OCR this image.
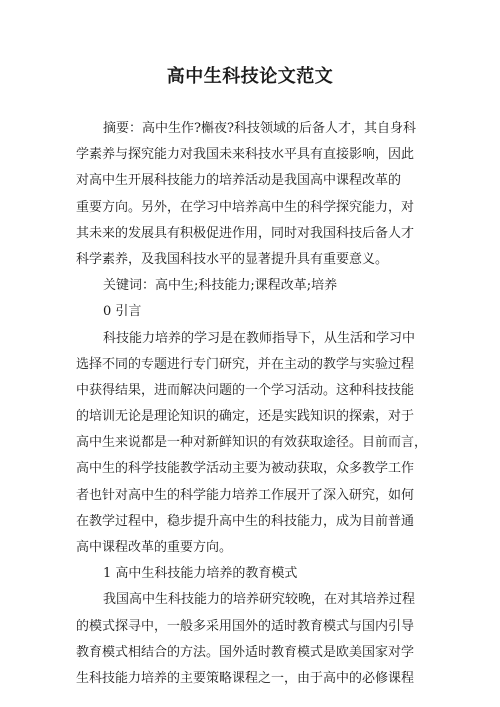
高中生科技论文范文
摘要：高中生作?槲夜?科技领域的后备人才，其自身科
学素养与探究能力对我国未来科技水平具有直接影响，因此
对高中生开展科技能力的培养活动是我国高中课程改革的
重要方向。另外，在学习中培养高中生的科学探究能力，对
其未来的发展具有积极促进作用，同时对我国科技后备人才
科学素养，及我国科技水平的显著提升具有重要意义。
关键词：高中生;科技能力;课程改革;培养
0 引言
科技能力培养的学习是在教师指导下，从生活和学习中
选择不同的专题进行专门研究，并在主动的教学与实验过程
中获得结果，进而解决问题的一个学习活动。这种科技技能
的培训无论是理论知识的确定，还是实践知识的探索，对于
高中生来说都是一种对新鲜知识的有效获取途径。目前而言，
高中生的科学技能教学活动主要为被动获取，众多教学工作
者也针对高中生的科学能力培养工作展开了深入研究，如何
在教学过程中，稳步提升高中生的科技能力，成为目前普通
高中课程改革的重要方向。
1 高中生科技能力培养的教育模式
我国高中生科技能力的培养研究较晚，在对其培养过程
的模式探寻中，一般多采用国外的适时教育模式与国内引导
教育模式相结合的方法。国外适时教育模式是欧美国家对学
生科技能力培养的主要策略课程之一，由于高中的必修课程
